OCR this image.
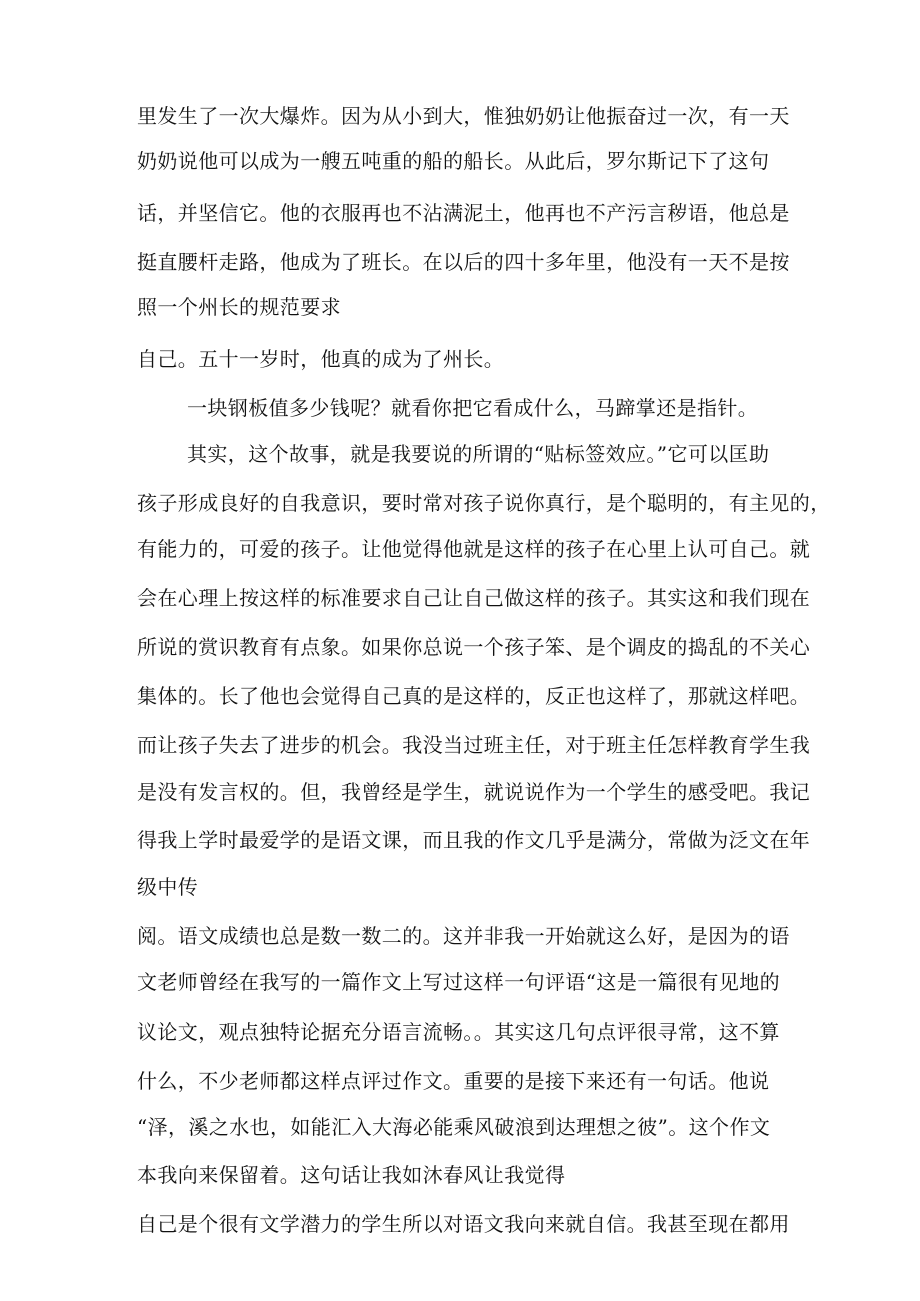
里发生了一次大爆炸。因为从小到大，惟独奶奶让他振奋过一次，有一天
奶奶说他可以成为一艘五吨重的船的船长。从此后，罗尔斯记下了这句
话，并坚信它。他的衣服再也不沾满泥土，他再也不产污言秽语，他总是
挺直腰杆走路，他成为了班长。在以后的四十多年里，他没有一天不是按
照一个州长的规范要求
自己。五十一岁时，他真的成为了州长。
一块钢板值多少钱呢？就看你把它看成什么，马蹄掌还是指针。
其实，这个故事，就是我要说的所谓的“贴标签效应。”它可以匡助
孩子形成良好的自我意识，要时常对孩子说你真行，是个聪明的，有主见的，
有能力的，可爱的孩子。让他觉得他就是这样的孩子在心里上认可自己。就
会在心理上按这样的标准要求自己让自己做这样的孩子。其实这和我们现在
所说的赏识教育有点象。如果你总说一个孩子笨、是个调皮的捣乱的不关心
集体的。长了他也会觉得自己真的是这样的，反正也这样了，那就这样吧。
而让孩子失去了进步的机会。我没当过班主任，对于班主任怎样教育学生我
是没有发言权的。但，我曾经是学生，就说说作为一个学生的感受吧。我记
得我上学时最爱学的是语文课，而且我的作文几乎是满分，常做为泛文在年
级中传
阅。语文成绩也总是数一数二的。这并非我一开始就这么好，是因为的语
文老师曾经在我写的一篇作文上写过这样一句评语“这是一篇很有见地的
议论文，观点独特论据充分语言流畅。。其实这几句点评很寻常，这不算
什么，不少老师都这样点评过作文。重要的是接下来还有一句话。他说
“泽，溪之水也，如能汇入大海必能乘风破浪到达理想之彼”。这个作文
本我向来保留着。这句话让我如沐春风让我觉得
自己是个很有文学潜力的学生所以对语文我向来就自信。我甚至现在都用
